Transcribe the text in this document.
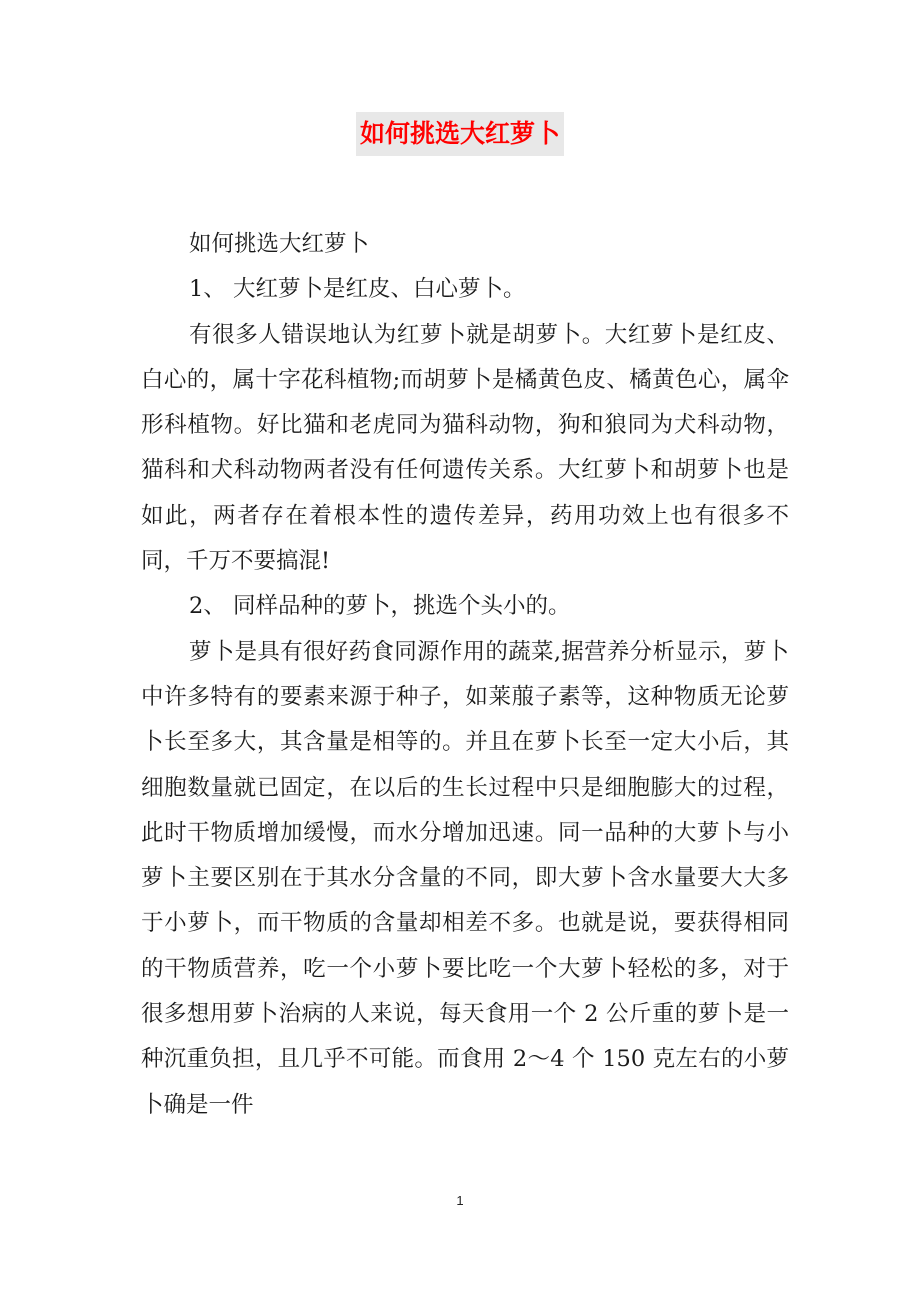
如何挑选大红萝卜

如何挑选大红萝卜

1、 大红萝卜是红皮、白心萝卜。

有很多人错误地认为红萝卜就是胡萝卜。大红萝卜是红皮、白心的，属十字花科植物;而胡萝卜是橘黄色皮、橘黄色心，属伞形科植物。好比猫和老虎同为猫科动物，狗和狼同为犬科动物，猫科和犬科动物两者没有任何遗传关系。大红萝卜和胡萝卜也是如此，两者存在着根本性的遗传差异，药用功效上也有很多不同，千万不要搞混!

2、 同样品种的萝卜，挑选个头小的。

萝卜是具有很好药食同源作用的蔬菜,据营养分析显示，萝卜中许多特有的要素来源于种子，如莱菔子素等，这种物质无论萝卜长至多大，其含量是相等的。并且在萝卜长至一定大小后，其细胞数量就已固定，在以后的生长过程中只是细胞膨大的过程，此时干物质增加缓慢，而水分增加迅速。同一品种的大萝卜与小萝卜主要区别在于其水分含量的不同，即大萝卜含水量要大大多于小萝卜，而干物质的含量却相差不多。也就是说，要获得相同的干物质营养，吃一个小萝卜要比吃一个大萝卜轻松的多，对于很多想用萝卜治病的人来说，每天食用一个 2 公斤重的萝卜是一种沉重负担，且几乎不可能。而食用 2～4 个 150 克左右的小萝卜确是一件

1
